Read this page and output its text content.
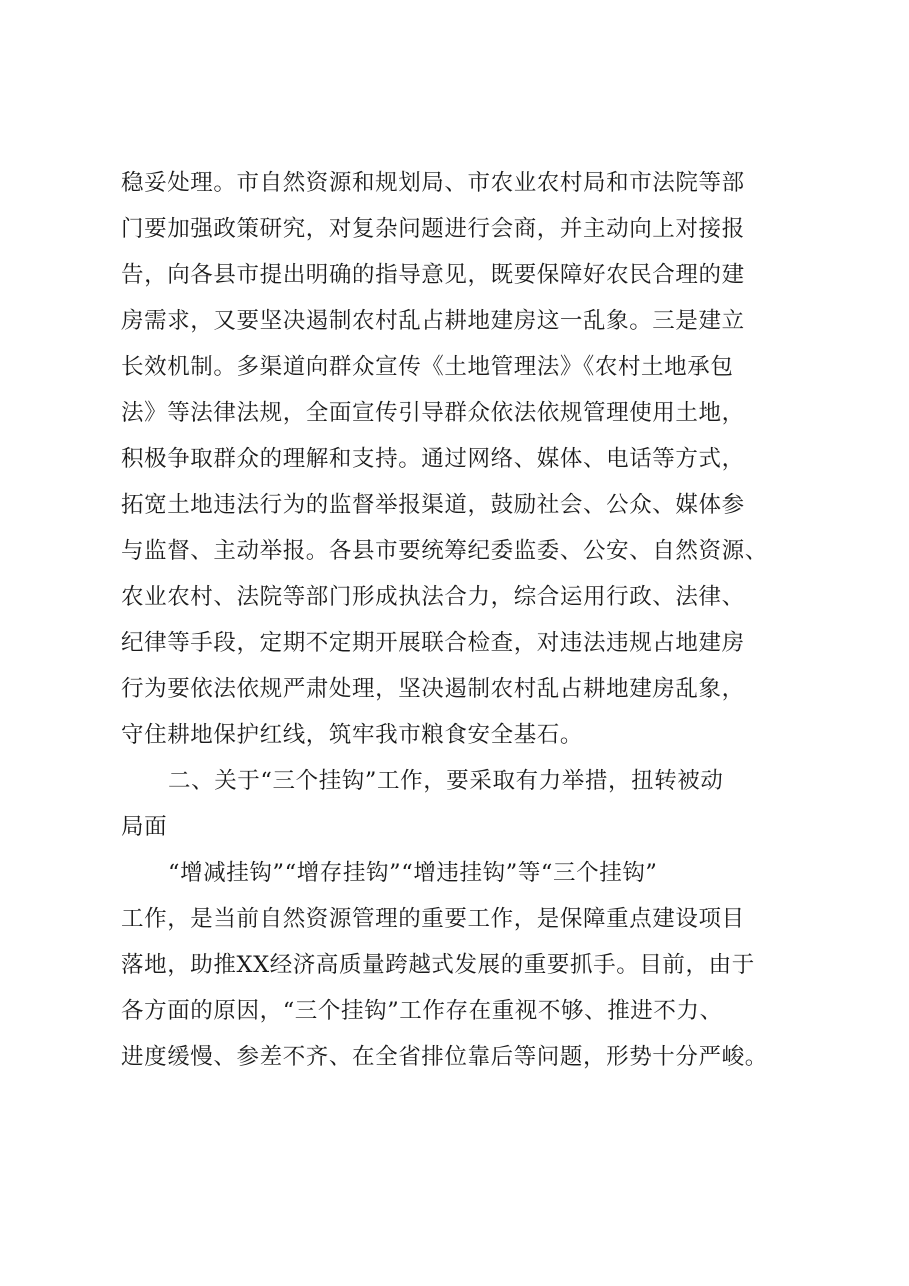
稳妥处理。市自然资源和规划局、市农业农村局和市法院等部
门要加强政策研究，对复杂问题进行会商，并主动向上对接报
告，向各县市提出明确的指导意见，既要保障好农民合理的建
房需求，又要坚决遏制农村乱占耕地建房这一乱象。三是建立
长效机制。多渠道向群众宣传《土地管理法》《农村土地承包
法》等法律法规，全面宣传引导群众依法依规管理使用土地，
积极争取群众的理解和支持。通过网络、媒体、电话等方式，
拓宽土地违法行为的监督举报渠道，鼓励社会、公众、媒体参
与监督、主动举报。各县市要统筹纪委监委、公安、自然资源、
农业农村、法院等部门形成执法合力，综合运用行政、法律、
纪律等手段，定期不定期开展联合检查，对违法违规占地建房
行为要依法依规严肃处理，坚决遏制农村乱占耕地建房乱象，
守住耕地保护红线，筑牢我市粮食安全基石。
二、关于“三个挂钩”工作，要采取有力举措，扭转被动
局面
“增减挂钩”“增存挂钩”“增违挂钩”等“三个挂钩”
工作，是当前自然资源管理的重要工作，是保障重点建设项目
落地，助推XX经济高质量跨越式发展的重要抓手。目前，由于
各方面的原因，“三个挂钩”工作存在重视不够、推进不力、
进度缓慢、参差不齐、在全省排位靠后等问题，形势十分严峻。
